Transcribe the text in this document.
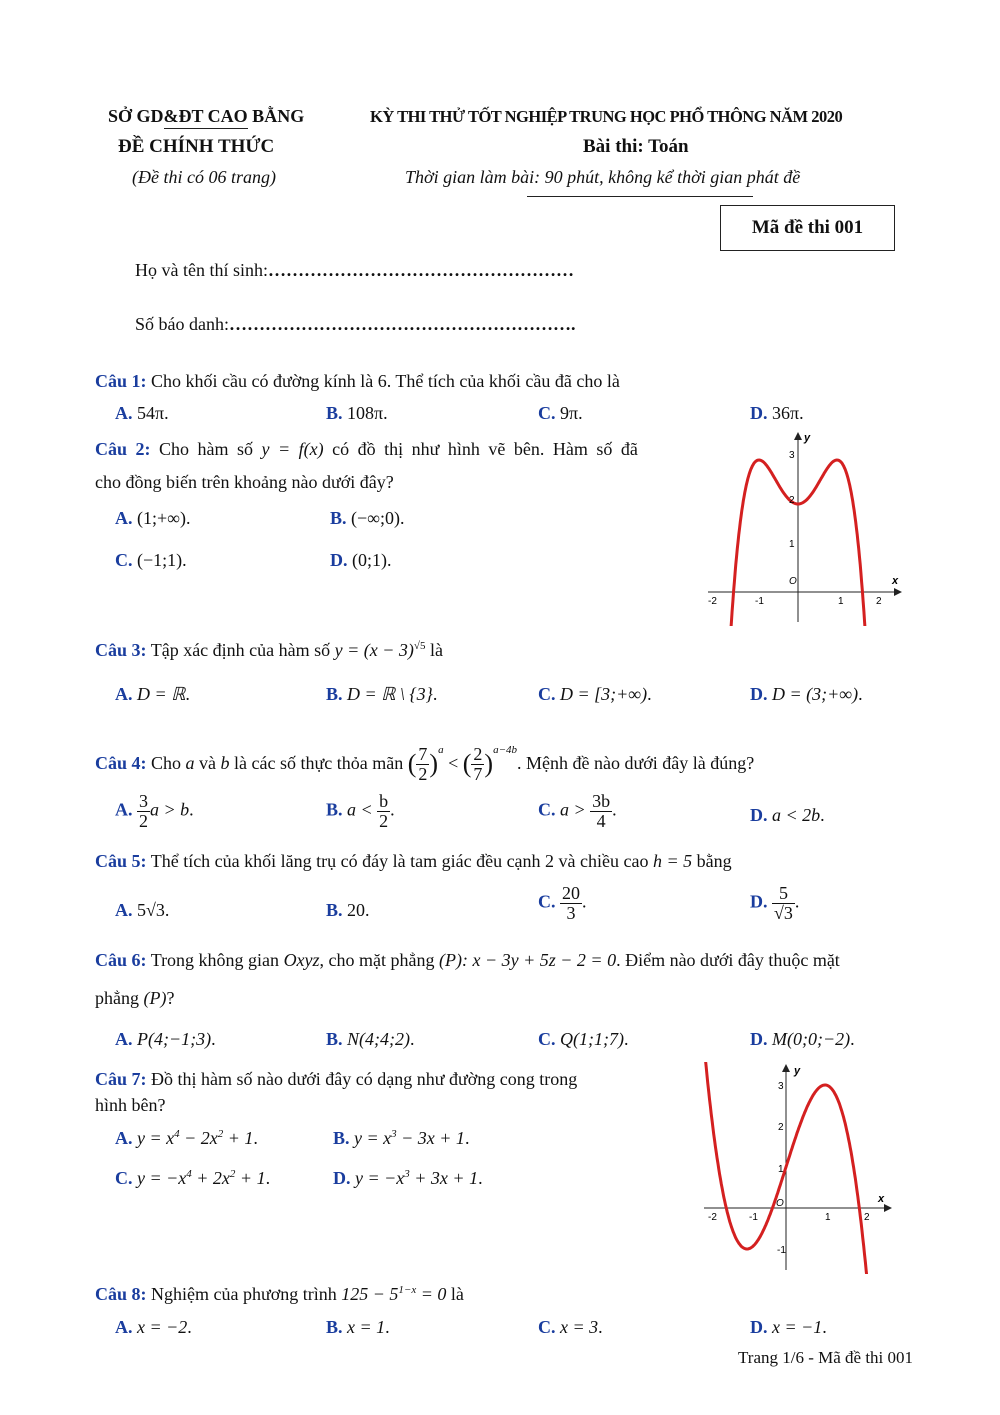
SỞ GD&ĐT CAO BẰNG
ĐỀ CHÍNH THỨC
(Đề thi có 06 trang)
KỲ THI THỬ TỐT NGHIỆP TRUNG HỌC PHỔ THÔNG NĂM 2020
Bài thi: Toán
Thời gian làm bài: 90 phút, không kể thời gian phát đề
Mã đề thi 001
Họ và tên thí sinh:……………………………………………
Số báo danh:………………………………………………….
Câu 1: Cho khối cầu có đường kính là 6. Thể tích của khối cầu đã cho là
A. 54π.	B. 108π.	C. 9π.	D. 36π.
Câu 2: Cho hàm số y = f(x) có đồ thị như hình vẽ bên. Hàm số đã
cho đồng biến trên khoảng nào dưới đây?
A. (1;+∞).	B. (−∞;0).
C. (−1;1).	D. (0;1).
y
x
O
-2	-1	1	2
1
2
3
Câu 3: Tập xác định của hàm số $y = (x - 3)^{√5}$ là
A. D = ℝ.	B. D = ℝ \ {3}.	C. D = [3;+∞).	D. D = (3;+∞).
Câu 4: Cho a và b là các số thực thỏa mãn ( $\frac{7}{2} )^a$ < ( $\frac{2}{7} )^{a-4b}$. Mệnh đề nào dưới đây là đúng?
A. $\frac{3}{2}$ a > b.	B. $a < \frac{b}{2}$ .	C. $a > \frac{3b}{4}$ .	D. a < 2b.
Câu 5: Thể tích của khối lăng trụ có đáy là tam giác đều cạnh 2 và chiều cao h = 5 bằng
A. 5√3.	B. 20.	C. $\frac{20}{3}$ .	D. $\frac{5}{√3}$ .
Câu 6: Trong không gian Oxyz, cho mặt phẳng (P): x − 3y + 5z − 2 = 0. Điểm nào dưới đây thuộc mặt
phẳng (P)?
A. P(4;−1;3).	B. N(4;4;2).	C. Q(1;1;7).	D. M(0;0;−2).
Câu 7: Đồ thị hàm số nào dưới đây có dạng như đường cong trong
hình bên?
A. $y = x^4 - 2x^2 + 1$.	B. $y = x^3 - 3x + 1$.
C. $y = -x^4 + 2x^2 + 1$.	D. $y = -x^3 + 3x + 1$.
y
x
O
-2	-1	1	2
-1
1
2
3
Câu 8: Nghiệm của phương trình $125 - 5^{1-x} = 0$ là
A. x = −2.	B. x = 1.	C. x = 3.	D. x = −1.
Trang 1/6 - Mã đề thi 001
